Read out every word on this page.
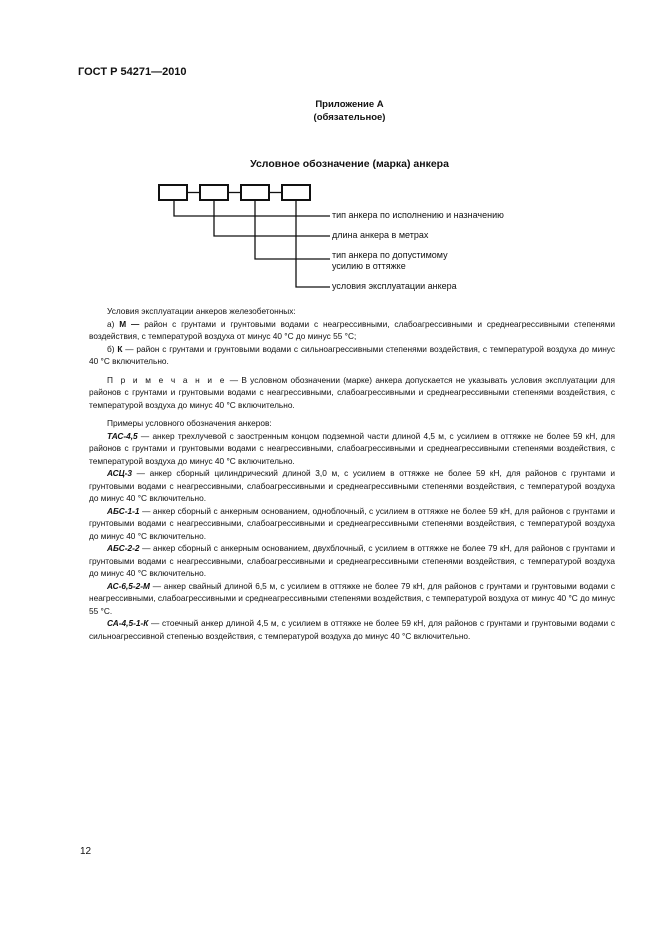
ГОСТ Р 54271—2010
Приложение А
(обязательное)
Условное обозначение (марка) анкера
тип анкера по исполнению и назначению
длина анкера в метрах
тип анкера по допустимому
усилию в оттяжке
условия эксплуатации анкера

Условия эксплуатации анкеров железобетонных:

а) М — район с грунтами и грунтовыми водами с неагрессивными, слабоагрессивными и среднеагрессивными степенями воздействия, с температурой воздуха от минус 40 °С до минус 55 °С;

б) К — район с грунтами и грунтовыми водами с сильноагрессивными степенями воздействия, с температурой воздуха до минус 40 °С включительно.

П р и м е ч а н и е — В условном обозначении (марке) анкера допускается не указывать условия эксплуатации для районов с грунтами и грунтовыми водами с неагрессивными, слабоагрессивными и среднеагрессивными степенями воздействия, с температурой воздуха до минус 40 °С включительно.

Примеры условного обозначения анкеров:

ТАС-4,5 — анкер трехлучевой с заостренным концом подземной части длиной 4,5 м, с усилием в оттяжке не более 59 кН, для районов с грунтами и грунтовыми водами с неагрессивными, слабоагрессивными и среднеагрессивными степенями воздействия, с температурой воздуха до минус 40 °С включительно.

АСЦ-3 — анкер сборный цилиндрический длиной 3,0 м, с усилием в оттяжке не более 59 кН, для районов с грунтами и грунтовыми водами с неагрессивными, слабоагрессивными и среднеагрессивными степенями воздействия, с температурой воздуха до минус 40 °С включительно.

АБС-1-1 — анкер сборный с анкерным основанием, одноблочный, с усилием в оттяжке не более 59 кН, для районов с грунтами и грунтовыми водами с неагрессивными, слабоагрессивными и среднеагрессивными степенями воздействия, с температурой воздуха до минус 40 °С включительно.

АБС-2-2 — анкер сборный с анкерным основанием, двухблочный, с усилием в оттяжке не более 79 кН, для районов с грунтами и грунтовыми водами с неагрессивными, слабоагрессивными и среднеагрессивными степенями воздействия, с температурой воздуха до минус 40 °С включительно.

АС-6,5-2-М — анкер свайный длиной 6,5 м, с усилием в оттяжке не более 79 кН, для районов с грунтами и грунтовыми водами с неагрессивными, слабоагрессивными и среднеагрессивными степенями воздействия, с температурой воздуха от минус 40 °С до минус 55 °С.

СА-4,5-1-К — стоечный анкер длиной 4,5 м, с усилием в оттяжке не более 59 кН, для районов с грунтами и грунтовыми водами с сильноагрессивной степенью воздействия, с температурой воздуха до минус 40 °С включительно.

12
